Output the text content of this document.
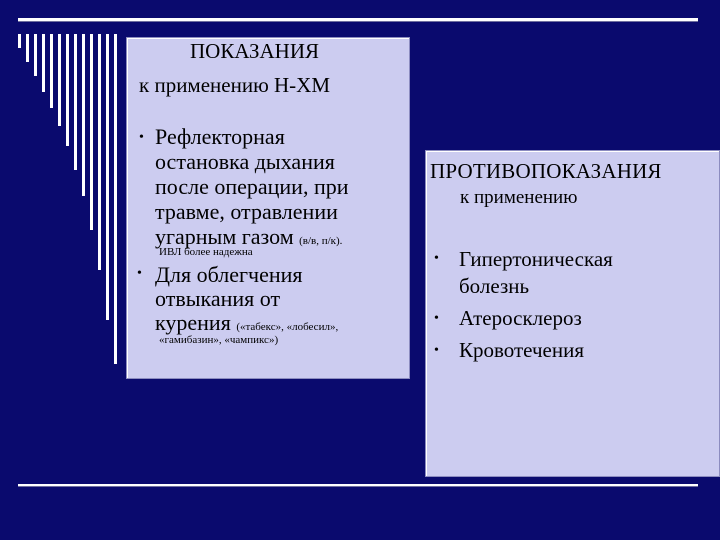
ПОКАЗАНИЯ
к применению Н-ХМ
• Рефлекторная
остановка дыхания
после операции, при
травме, отравлении
угарным газом (в/в, п/к).
ИВЛ более надежна
• Для облегчения
отвыкания от
курения («табекс», «лобесил»,
«гамибазин», «чампикс»)
ПРОТИВОПОКАЗАНИЯ
к применению
• Гипертоническая
болезнь
• Атеросклероз
• Кровотечения
